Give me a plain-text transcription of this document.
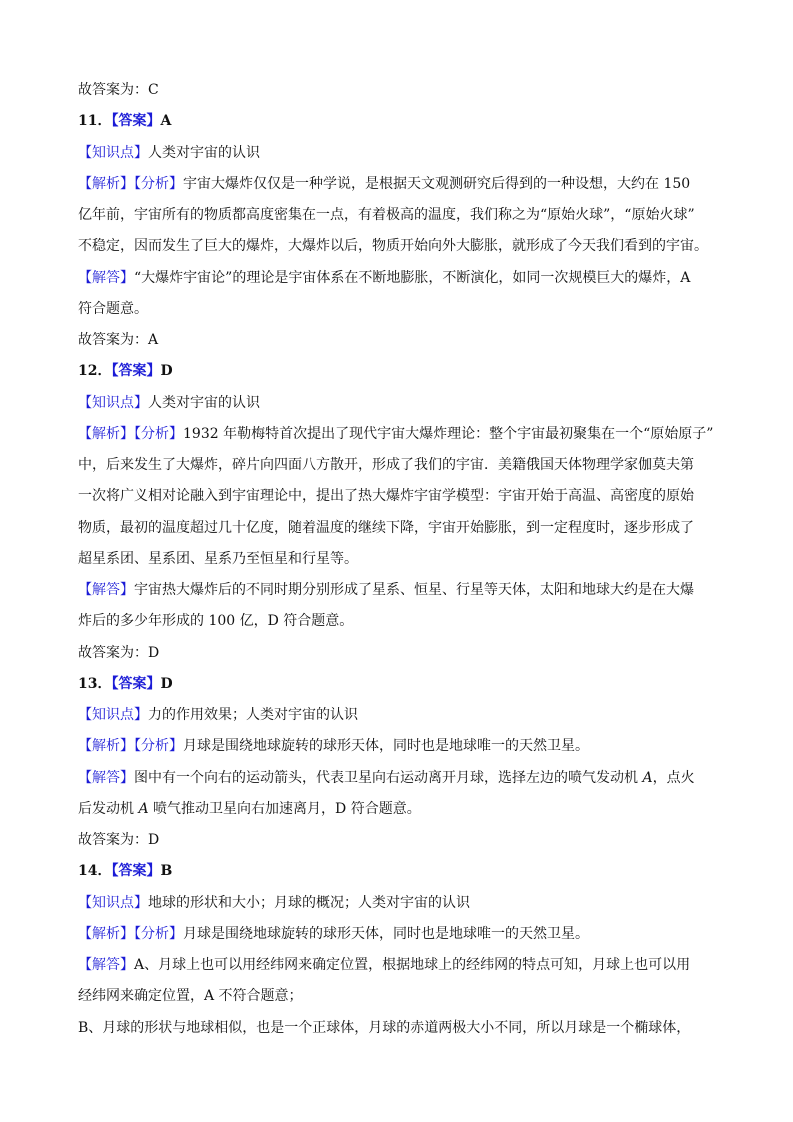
故答案为：C
11．【答案】A
【知识点】人类对宇宙的认识
【解析】【分析】宇宙大爆炸仅仅是一种学说，是根据天文观测研究后得到的一种设想，大约在 150
亿年前，宇宙所有的物质都高度密集在一点，有着极高的温度，我们称之为“原始火球”，“原始火球”
不稳定，因而发生了巨大的爆炸，大爆炸以后，物质开始向外大膨胀，就形成了今天我们看到的宇宙。
【解答】“大爆炸宇宙论”的理论是宇宙体系在不断地膨胀，不断演化，如同一次规模巨大的爆炸，A
符合题意。
故答案为：A
12．【答案】D
【知识点】人类对宇宙的认识
【解析】【分析】1932 年勒梅特首次提出了现代宇宙大爆炸理论：整个宇宙最初聚集在一个“原始原子”
中，后来发生了大爆炸，碎片向四面八方散开，形成了我们的宇宙．美籍俄国天体物理学家伽莫夫第
一次将广义相对论融入到宇宙理论中，提出了热大爆炸宇宙学模型：宇宙开始于高温、高密度的原始
物质，最初的温度超过几十亿度，随着温度的继续下降，宇宙开始膨胀，到一定程度时，逐步形成了
超星系团、星系团、星系乃至恒星和行星等。
【解答】宇宙热大爆炸后的不同时期分别形成了星系、恒星、行星等天体，太阳和地球大约是在大爆
炸后的多少年形成的 100 亿，D 符合题意。
故答案为：D
13．【答案】D
【知识点】力的作用效果；人类对宇宙的认识
【解析】【分析】月球是围绕地球旋转的球形天体，同时也是地球唯一的天然卫星。
【解答】图中有一个向右的运动箭头，代表卫星向右运动离开月球，选择左边的喷气发动机 A，点火
后发动机 A 喷气推动卫星向右加速离月，D 符合题意。
故答案为：D
14．【答案】B
【知识点】地球的形状和大小；月球的概况；人类对宇宙的认识
【解析】【分析】月球是围绕地球旋转的球形天体，同时也是地球唯一的天然卫星。
【解答】A、月球上也可以用经纬网来确定位置，根据地球上的经纬网的特点可知，月球上也可以用
经纬网来确定位置，A 不符合题意；
B、月球的形状与地球相似，也是一个正球体，月球的赤道两极大小不同，所以月球是一个椭球体，
